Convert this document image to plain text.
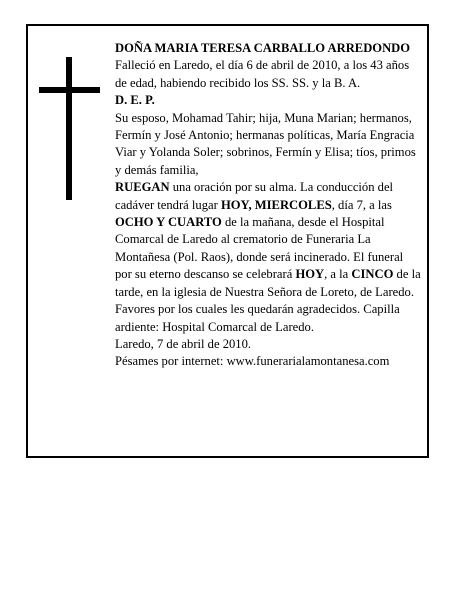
DOÑA MARIA TERESA CARBALLO ARREDONDO

Falleció en Laredo, el día 6 de abril de 2010, a los 43 años

de edad, habiendo recibido los SS. SS. y la B. A.

D. E. P.

Su esposo, Mohamad Tahir; hija, Muna Marian; hermanos, Fermín y José Antonio; hermanas políticas, María Engracia Viar y Yolanda Soler; sobrinos, Fermín y Elisa; tíos, primos y demás familia,

RUEGAN una oración por su alma. La conducción del cadáver tendrá lugar HOY, MIERCOLES, día 7, a las OCHO Y CUARTO de la mañana, desde el Hospital Comarcal de Laredo al crematorio de Funeraria La Montañesa (Pol. Raos), donde será incinerado. El funeral por su eterno descanso se celebrará HOY, a la CINCO de la tarde, en la iglesia de Nuestra Señora de Loreto, de Laredo. Favores por los cuales les quedarán agradecidos. Capilla ardiente: Hospital Comarcal de Laredo.

Laredo, 7 de abril de 2010.

Pésames por internet: www.funerarialamontanesa.com
